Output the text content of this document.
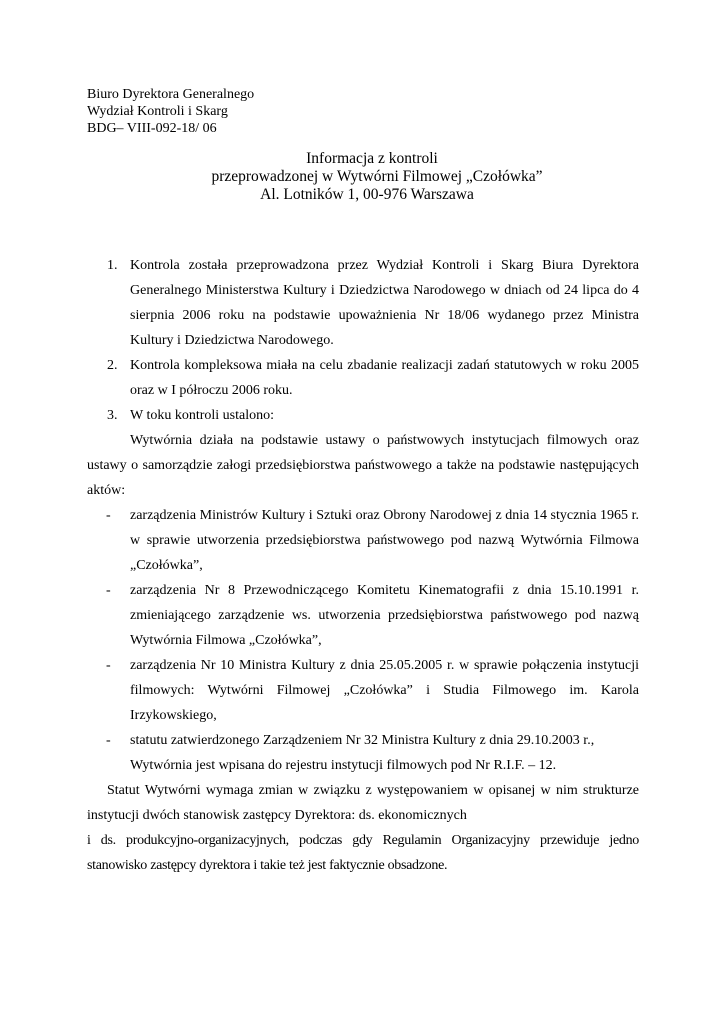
Biuro Dyrektora Generalnego
Wydział Kontroli i Skarg
BDG– VIII-092-18/ 06
Informacja z kontroli
przeprowadzonej w Wytwórni Filmowej „Czołówka”
Al. Lotników 1, 00-976 Warszawa
1. Kontrola została przeprowadzona przez Wydział Kontroli i Skarg Biura Dyrektora Generalnego Ministerstwa Kultury i Dziedzictwa Narodowego w dniach od 24 lipca do 4 sierpnia 2006 roku na podstawie upoważnienia Nr 18/06 wydanego przez Ministra Kultury i Dziedzictwa Narodowego.
2. Kontrola kompleksowa miała na celu zbadanie realizacji zadań statutowych w roku 2005 oraz w I półroczu 2006 roku.
3. W toku kontroli ustalono:
Wytwórnia działa na podstawie ustawy o państwowych instytucjach filmowych oraz ustawy o samorządzie załogi przedsiębiorstwa państwowego a także na podstawie następujących aktów:
- zarządzenia Ministrów Kultury i Sztuki oraz Obrony Narodowej z dnia 14 stycznia 1965 r. w sprawie utworzenia przedsiębiorstwa państwowego pod nazwą Wytwórnia Filmowa „Czołówka”,
- zarządzenia Nr 8 Przewodniczącego Komitetu Kinematografii z dnia 15.10.1991 r. zmieniającego zarządzenie ws. utworzenia przedsiębiorstwa państwowego pod nazwą Wytwórnia Filmowa „Czołówka”,
- zarządzenia Nr 10 Ministra Kultury z dnia 25.05.2005 r. w sprawie połączenia instytucji filmowych: Wytwórni Filmowej „Czołówka” i Studia Filmowego im. Karola Irzykowskiego,
- statutu zatwierdzonego Zarządzeniem Nr 32 Ministra Kultury z dnia 29.10.2003 r.,
Wytwórnia jest wpisana do rejestru instytucji filmowych pod Nr R.I.F. – 12.
Statut Wytwórni wymaga zmian w związku z występowaniem w opisanej w nim strukturze instytucji dwóch stanowisk zastępcy Dyrektora: ds. ekonomicznych
i ds. produkcyjno-organizacyjnych, podczas gdy Regulamin Organizacyjny przewiduje jedno stanowisko zastępcy dyrektora i takie też jest faktycznie obsadzone.
